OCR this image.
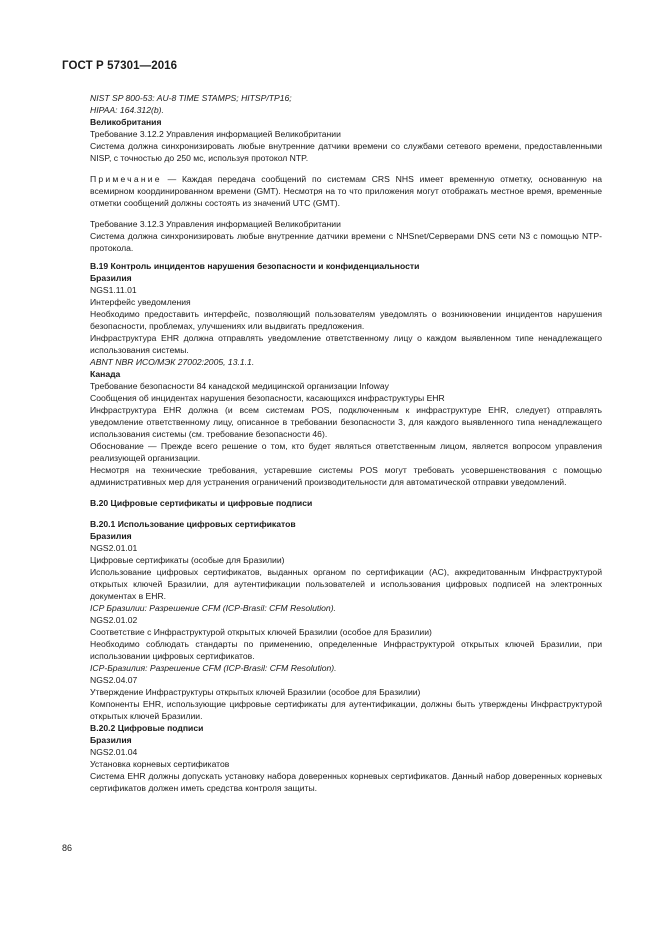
ГОСТ Р 57301—2016

NIST SP 800-53: AU-8 TIME STAMPS; HITSP/TP16;

HIPAA: 164.312(b).

Великобритания

Требование 3.12.2 Управления информацией Великобритании

Система должна синхронизировать любые внутренние датчики времени со службами сетевого времени, предоставленными NISP, с точностью до 250 мс, используя протокол NTP.

Примечание — Каждая передача сообщений по системам CRS NHS имеет временную отметку, основанную на всемирном координированном времени (GMT). Несмотря на то что приложения могут отображать местное время, временные отметки сообщений должны состоять из значений UTC (GMT).

Требование 3.12.3 Управления информацией Великобритании

Система должна синхронизировать любые внутренние датчики времени с NHSnet/Серверами DNS сети N3 с помощью NTP-протокола.

B.19 Контроль инцидентов нарушения безопасности и конфиденциальности

Бразилия

NGS1.11.01

Интерфейс уведомления

Необходимо предоставить интерфейс, позволяющий пользователям уведомлять о возникновении инцидентов нарушения безопасности, проблемах, улучшениях или выдвигать предложения.

Инфраструктура EHR должна отправлять уведомление ответственному лицу о каждом выявленном типе ненадлежащего использования системы.

ABNT NBR ИСО/МЭК 27002:2005, 13.1.1.

Канада

Требование безопасности 84 канадской медицинской организации Infoway

Сообщения об инцидентах нарушения безопасности, касающихся инфраструктуры EHR

Инфраструктура EHR должна (и всем системам POS, подключенным к инфраструктуре EHR, следует) отправлять уведомление ответственному лицу, описанное в требовании безопасности 3, для каждого выявленного типа ненадлежащего использования системы (см. требование безопасности 46).

Обоснование — Прежде всего решение о том, кто будет являться ответственным лицом, является вопросом управления реализующей организации.

Несмотря на технические требования, устаревшие системы POS могут требовать усовершенствования с помощью административных мер для устранения ограничений производительности для автоматической отправки уведомлений.

B.20 Цифровые сертификаты и цифровые подписи

B.20.1 Использование цифровых сертификатов

Бразилия

NGS2.01.01

Цифровые сертификаты (особые для Бразилии)

Использование цифровых сертификатов, выданных органом по сертификации (AC), аккредитованным Инфраструктурой открытых ключей Бразилии, для аутентификации пользователей и использования цифровых подписей на электронных документах в EHR.

ICP Бразилии: Разрешение CFM (ICP-Brasil: CFM Resolution).

NGS2.01.02

Соответствие с Инфраструктурой открытых ключей Бразилии (особое для Бразилии)

Необходимо соблюдать стандарты по применению, определенные Инфраструктурой открытых ключей Бразилии, при использовании цифровых сертификатов.

ICP-Бразилия: Разрешение CFM (ICP-Brasil: CFM Resolution).

NGS2.04.07

Утверждение Инфраструктуры открытых ключей Бразилии (особое для Бразилии)

Компоненты EHR, использующие цифровые сертификаты для аутентификации, должны быть утверждены Инфраструктурой открытых ключей Бразилии.

B.20.2 Цифровые подписи

Бразилия

NGS2.01.04

Установка корневых сертификатов

Система EHR должны допускать установку набора доверенных корневых сертификатов. Данный набор доверенных корневых сертификатов должен иметь средства контроля защиты.

86
